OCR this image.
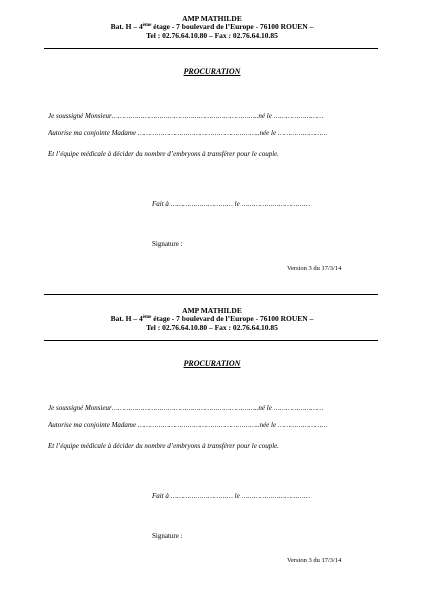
AMP MATHILDE
Bat. H – 4ème étage - 7 boulevard de l’Europe - 76100 ROUEN –
Tel : 02.76.64.10.80 – Fax : 02.76.64.10.85
PROCURATION
Je soussigné Monsieur……………………………………………………………..né le ……………………
Autorise ma conjointe Madame …………………………………………………..née le ……………………
Et l’équipe médicale à décider du nombre d’embryons à transférer pour le couple.
Fait à ………………………… le ……………………………
Signature :
Version 3 du 17/3/14
AMP MATHILDE
Bat. H – 4ème étage - 7 boulevard de l’Europe - 76100 ROUEN –
Tel : 02.76.64.10.80 – Fax : 02.76.64.10.85
PROCURATION
Je soussigné Monsieur……………………………………………………………..né le ……………………
Autorise ma conjointe Madame …………………………………………………..née le ……………………
Et l’équipe médicale à décider du nombre d’embryons à transférer pour le couple.
Fait à ………………………… le ……………………………
Signature :
Version 3 du 17/3/14
